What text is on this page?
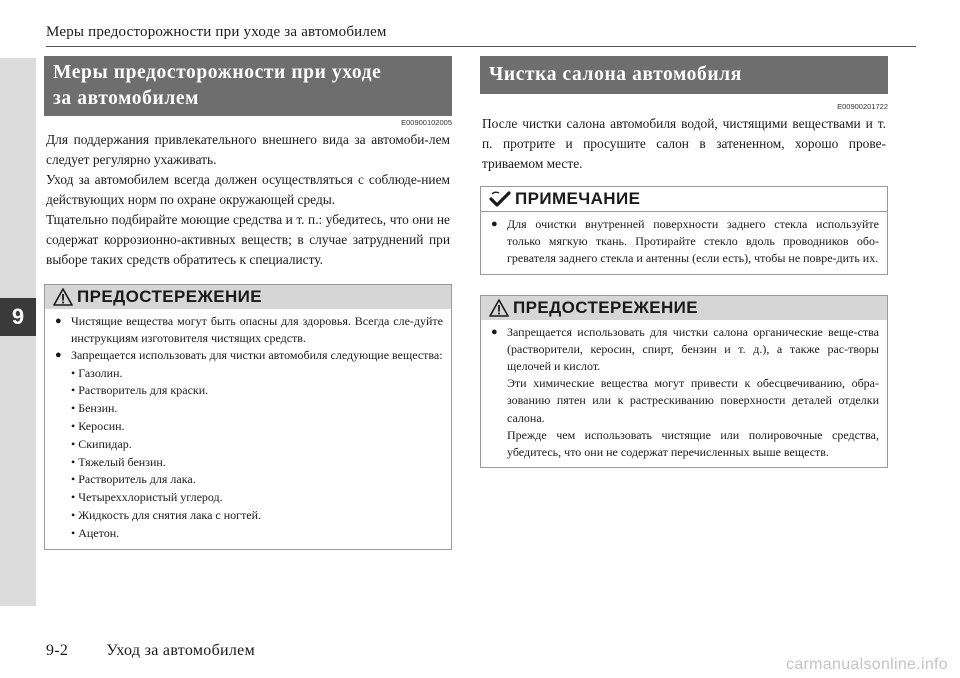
9
Меры предосторожности при уходе за автомобилем
Меры предосторожности при уходе
за автомобилем
E00900102005

Для поддержания привлекательного внешнего вида за автомоби-лем следует регулярно ухаживать.

Уход за автомобилем всегда должен осуществляться с соблюде-нием действующих норм по охране окружающей среды.

Тщательно подбирайте моющие средства и т. п.: убедитесь, что они не содержат коррозионно-активных веществ; в случае затруднений при выборе таких средств обратитесь к специалисту.

ПРЕДОСТЕРЕЖЕНИЕ
● Чистящие вещества могут быть опасны для здоровья. Всегда сле-дуйте инструкциям изготовителя чистящих средств.
● Запрещается использовать для чистки автомобиля следующие вещества:
• Газолин.
• Растворитель для краски.
• Бензин.
• Керосин.
• Скипидар.
• Тяжелый бензин.
• Растворитель для лака.
• Четыреххлористый углерод.
• Жидкость для снятия лака с ногтей.
• Ацетон.
Чистка салона автомобиля
E00900201722

После чистки салона автомобиля водой, чистящими веществами и т. п. протрите и просушите салон в затененном, хорошо прове-триваемом месте.

ПРИМЕЧАНИЕ
● Для очистки внутренней поверхности заднего стекла используйте только мягкую ткань. Протирайте стекло вдоль проводников обо-гревателя заднего стекла и антенны (если есть), чтобы не повре-дить их.
ПРЕДОСТЕРЕЖЕНИЕ
● Запрещается использовать для чистки салона органические веще-ства (растворители, керосин, спирт, бензин и т. д.), а также рас-творы щелочей и кислот.
Эти химические вещества могут привести к обесцвечиванию, обра-зованию пятен или к растрескиванию поверхности деталей отделки салона.
Прежде чем использовать чистящие или полировочные средства, убедитесь, что они не содержат перечисленных выше веществ.
9-2 Уход за автомобилем
carmanualsonline.info
